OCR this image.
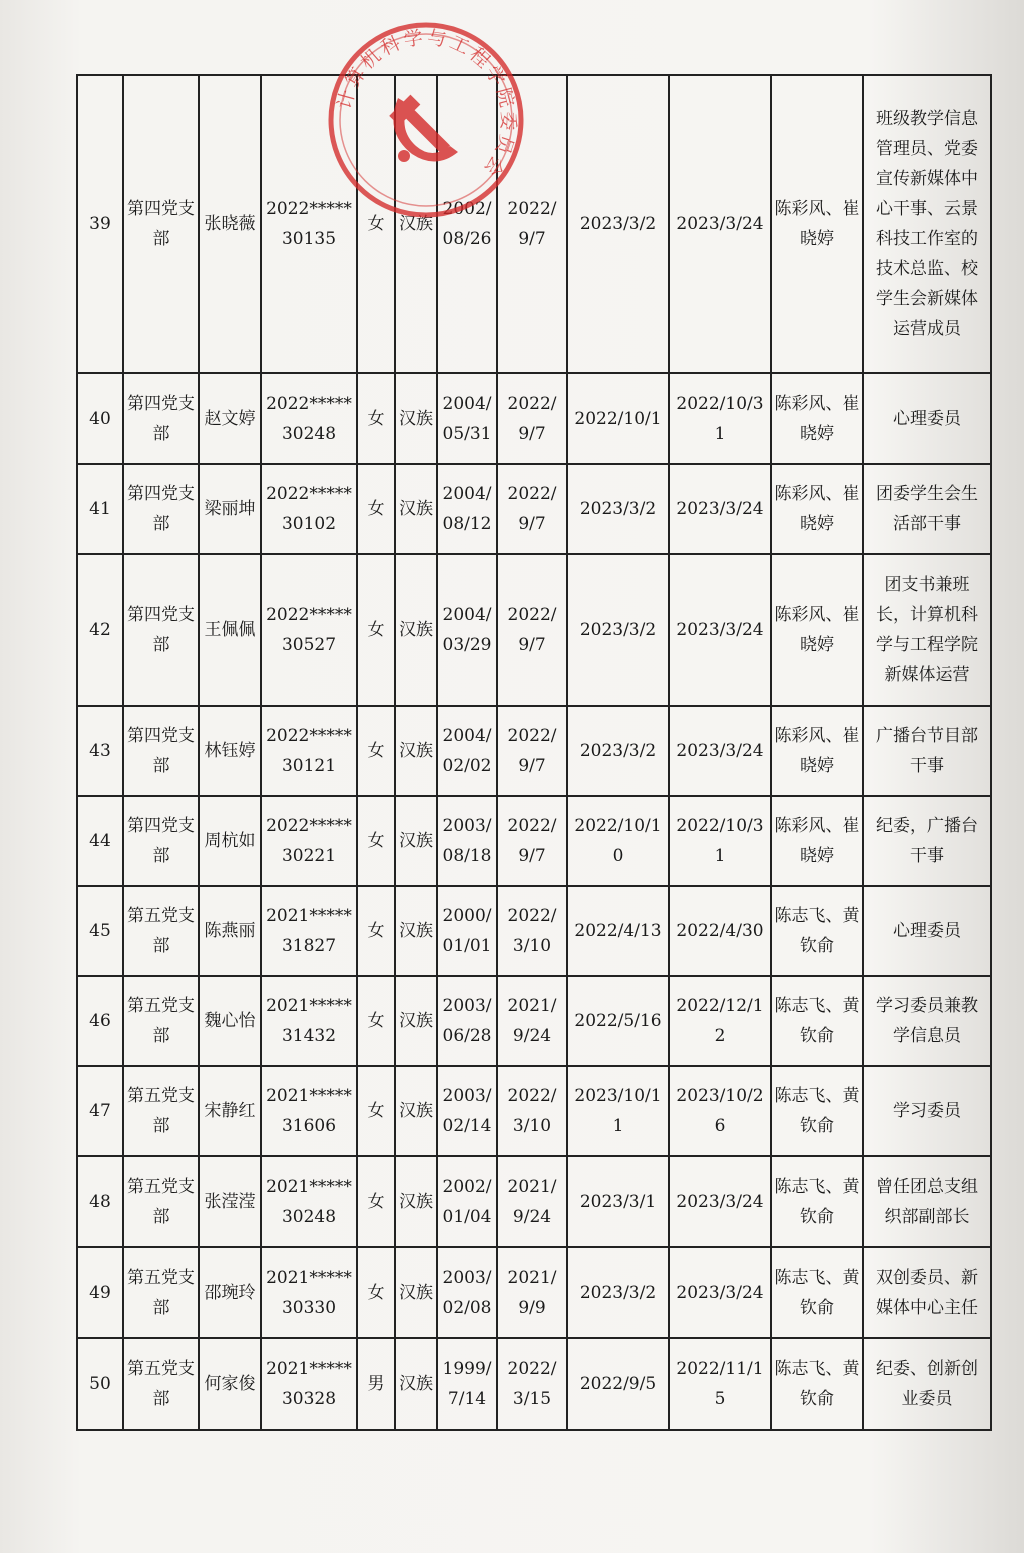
39	第四党支部	张晓薇	2022*****30135	女	汉族	2002/08/26	2022/9/7	2023/3/2	2023/3/24	陈彩风、崔晓婷	班级教学信息管理员、党委宣传新媒体中心干事、云景科技工作室的技术总监、校学生会新媒体运营成员
40	第四党支部	赵文婷	2022*****30248	女	汉族	2004/05/31	2022/9/7	2022/10/1	2022/10/31	陈彩风、崔晓婷	心理委员
41	第四党支部	梁丽坤	2022*****30102	女	汉族	2004/08/12	2022/9/7	2023/3/2	2023/3/24	陈彩风、崔晓婷	团委学生会生活部干事
42	第四党支部	王佩佩	2022*****30527	女	汉族	2004/03/29	2022/9/7	2023/3/2	2023/3/24	陈彩风、崔晓婷	团支书兼班长，计算机科学与工程学院新媒体运营
43	第四党支部	林钰婷	2022*****30121	女	汉族	2004/02/02	2022/9/7	2023/3/2	2023/3/24	陈彩风、崔晓婷	广播台节目部干事
44	第四党支部	周杭如	2022*****30221	女	汉族	2003/08/18	2022/9/7	2022/10/10	2022/10/31	陈彩风、崔晓婷	纪委，广播台干事
45	第五党支部	陈燕丽	2021*****31827	女	汉族	2000/01/01	2022/3/10	2022/4/13	2022/4/30	陈志飞、黄钦俞	心理委员
46	第五党支部	魏心怡	2021*****31432	女	汉族	2003/06/28	2021/9/24	2022/5/16	2022/12/12	陈志飞、黄钦俞	学习委员兼教学信息员
47	第五党支部	宋静红	2021*****31606	女	汉族	2003/02/14	2022/3/10	2023/10/11	2023/10/26	陈志飞、黄钦俞	学习委员
48	第五党支部	张滢滢	2021*****30248	女	汉族	2002/01/04	2021/9/24	2023/3/1	2023/3/24	陈志飞、黄钦俞	曾任团总支组织部副部长
49	第五党支部	邵琬玲	2021*****30330	女	汉族	2003/02/08	2021/9/9	2023/3/2	2023/3/24	陈志飞、黄钦俞	双创委员、新媒体中心主任
50	第五党支部	何家俊	2021*****30328	男	汉族	1999/7/14	2022/3/15	2022/9/5	2022/11/15	陈志飞、黄钦俞	纪委、创新创业委员
计算机科学与工程学院委员会
